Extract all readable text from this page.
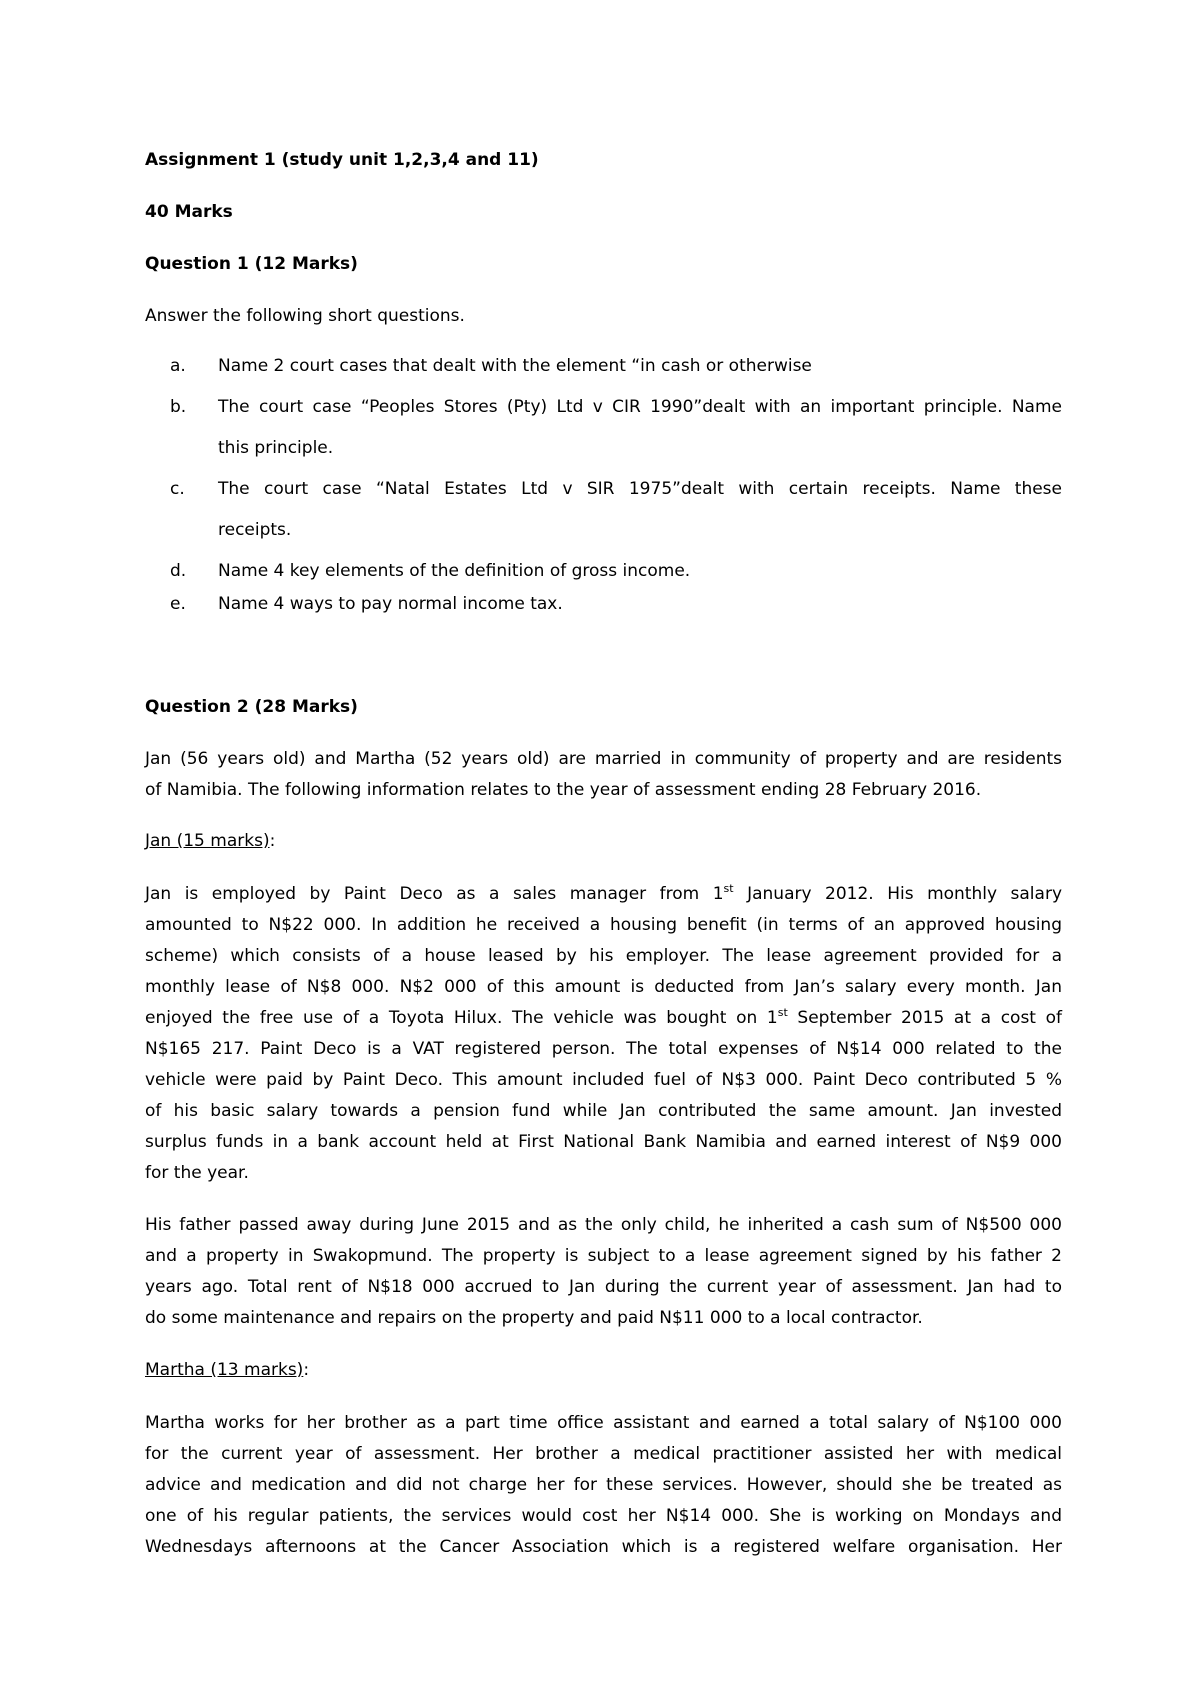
Assignment 1 (study unit 1,2,3,4 and 11)
40 Marks
Question 1 (12 Marks)
Answer the following short questions.
a. Name 2 court cases that dealt with the element “in cash or otherwise
b. The court case “Peoples Stores (Pty) Ltd v CIR 1990”dealt with an important principle. Name
this principle.
c. The court case “Natal Estates Ltd v SIR 1975”dealt with certain receipts. Name these
receipts.
d. Name 4 key elements of the definition of gross income.
e. Name 4 ways to pay normal income tax.
Question 2 (28 Marks)
Jan (56 years old) and Martha (52 years old) are married in community of property and are residents
of Namibia. The following information relates to the year of assessment ending 28 February 2016.
Jan (15 marks):
Jan is employed by Paint Deco as a sales manager from 1st January 2012. His monthly salary
amounted to N$22 000. In addition he received a housing benefit (in terms of an approved housing
scheme) which consists of a house leased by his employer. The lease agreement provided for a
monthly lease of N$8 000. N$2 000 of this amount is deducted from Jan’s salary every month. Jan
enjoyed the free use of a Toyota Hilux. The vehicle was bought on 1st September 2015 at a cost of
N$165 217. Paint Deco is a VAT registered person. The total expenses of N$14 000 related to the
vehicle were paid by Paint Deco. This amount included fuel of N$3 000. Paint Deco contributed 5 %
of his basic salary towards a pension fund while Jan contributed the same amount. Jan invested
surplus funds in a bank account held at First National Bank Namibia and earned interest of N$9 000
for the year.
His father passed away during June 2015 and as the only child, he inherited a cash sum of N$500 000
and a property in Swakopmund. The property is subject to a lease agreement signed by his father 2
years ago. Total rent of N$18 000 accrued to Jan during the current year of assessment. Jan had to
do some maintenance and repairs on the property and paid N$11 000 to a local contractor.
Martha (13 marks):
Martha works for her brother as a part time office assistant and earned a total salary of N$100 000
for the current year of assessment. Her brother a medical practitioner assisted her with medical
advice and medication and did not charge her for these services. However, should she be treated as
one of his regular patients, the services would cost her N$14 000. She is working on Mondays and
Wednesdays afternoons at the Cancer Association which is a registered welfare organisation. Her
